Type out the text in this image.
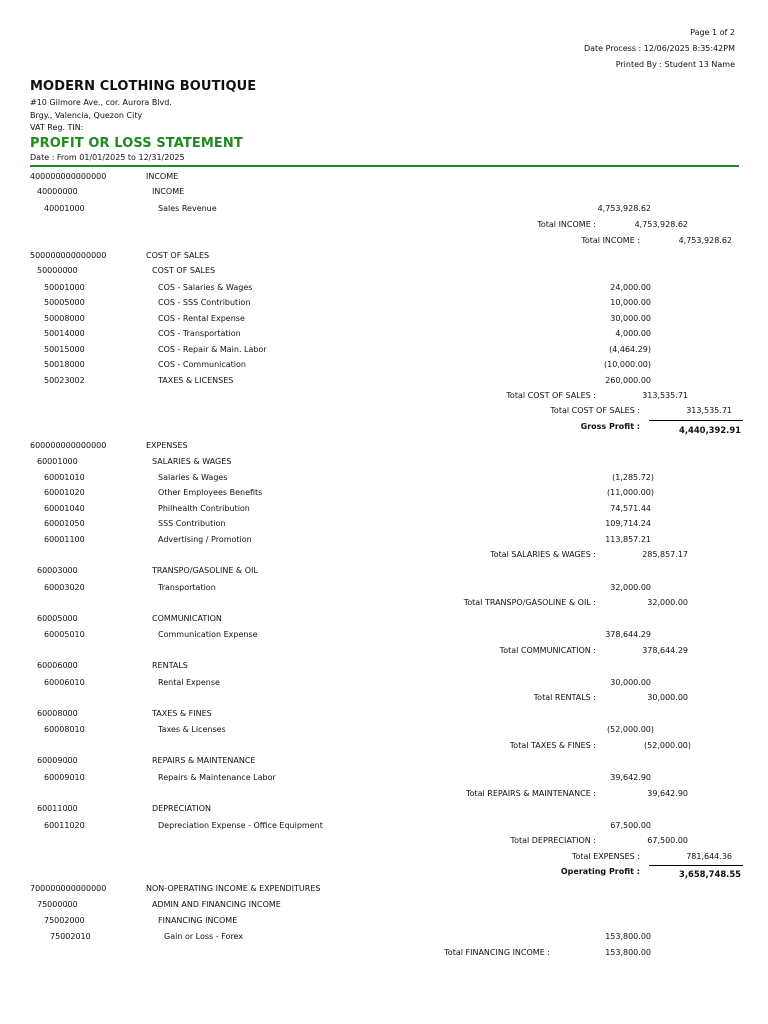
Page 1 of 2
Date Process : 12/06/2025 8:35:42PM
Printed By : Student 13 Name
MODERN CLOTHING BOUTIQUE
#10 Gilmore Ave., cor. Aurora Blvd.
Brgy., Valencia, Quezon City
VAT Reg. TIN:
PROFIT OR LOSS STATEMENT
Date : From 01/01/2025 to 12/31/2025
400000000000000	INCOME
40000000	INCOME
40001000	Sales Revenue	4,753,928.62
Total INCOME :	4,753,928.62
Total INCOME :	4,753,928.62
500000000000000	COST OF SALES
50000000	COST OF SALES
50001000	COS - Salaries & Wages	24,000.00
50005000	COS - SSS Contribution	10,000.00
50008000	COS - Rental Expense	30,000.00
50014000	COS - Transportation	4,000.00
50015000	COS - Repair & Main. Labor	(4,464.29)
50018000	COS - Communication	(10,000.00)
50023002	TAXES & LICENSES	260,000.00
Total COST OF SALES :	313,535.71
Total COST OF SALES :	313,535.71
Gross Profit :	4,440,392.91
600000000000000	EXPENSES
60001000	SALARIES & WAGES
60001010	Salaries & Wages	(1,285.72)
60001020	Other Employees Benefits	(11,000.00)
60001040	Philhealth Contribution	74,571.44
60001050	SSS Contribution	109,714.24
60001100	Advertising / Promotion	113,857.21
Total SALARIES & WAGES :	285,857.17
60003000	TRANSPO/GASOLINE & OIL
60003020	Transportation	32,000.00
Total TRANSPO/GASOLINE & OIL :	32,000.00
60005000	COMMUNICATION
60005010	Communication Expense	378,644.29
Total COMMUNICATION :	378,644.29
60006000	RENTALS
60006010	Rental Expense	30,000.00
Total RENTALS :	30,000.00
60008000	TAXES & FINES
60008010	Taxes & Licenses	(52,000.00)
Total TAXES & FINES :	(52,000.00)
60009000	REPAIRS & MAINTENANCE
60009010	Repairs & Maintenance Labor	39,642.90
Total REPAIRS & MAINTENANCE :	39,642.90
60011000	DEPRECIATION
60011020	Depreciation Expense - Office Equipment	67,500.00
Total DEPRECIATION :	67,500.00
Total EXPENSES :	781,644.36
Operating Profit :	3,658,748.55
700000000000000	NON-OPERATING INCOME & EXPENDITURES
75000000	ADMIN AND FINANCING INCOME
75002000	FINANCING INCOME
75002010	Gain or Loss - Forex	153,800.00
Total FINANCING INCOME :	153,800.00
